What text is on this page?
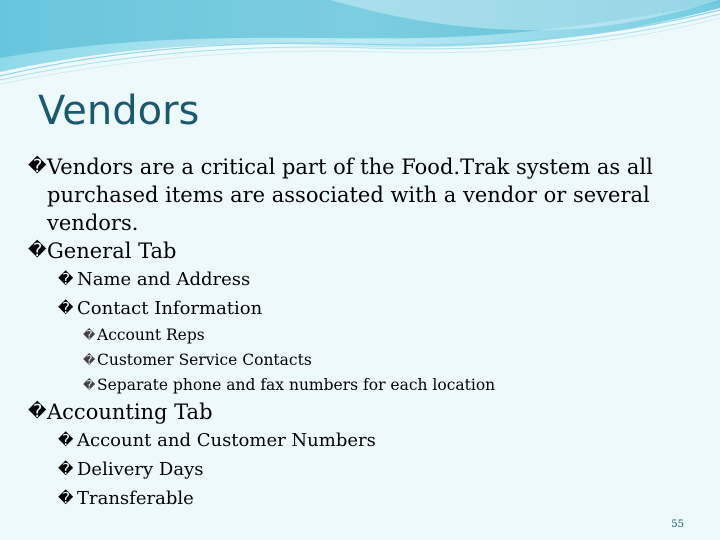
Vendors
� Vendors are a critical part of the Food.Trak system as all purchased items are associated with a vendor or several vendors.
� General Tab
� Name and Address
� Contact Information
� Account Reps
� Customer Service Contacts
� Separate phone and fax numbers for each location
� Accounting Tab
� Account and Customer Numbers
� Delivery Days
� Transferable
55
